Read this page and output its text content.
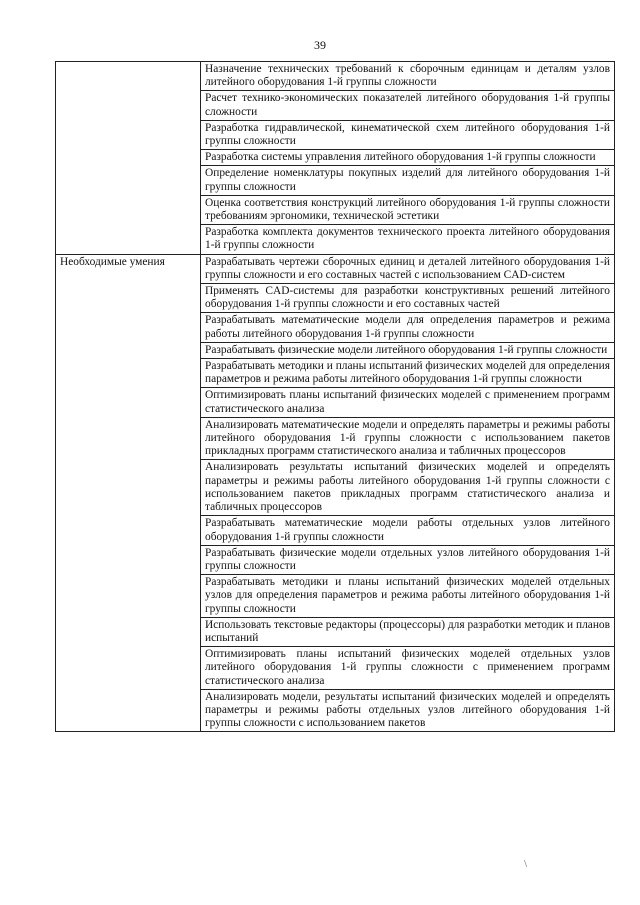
39
	Назначение технических требований к сборочным единицам и деталям узлов литейного оборудования 1-й группы сложности
	Расчет технико-экономических показателей литейного оборудования 1-й группы сложности
	Разработка гидравлической, кинематической схем литейного оборудования 1-й группы сложности
	Разработка системы управления литейного оборудования 1-й группы сложности
	Определение номенклатуры покупных изделий для литейного оборудования 1-й группы сложности
	Оценка соответствия конструкций литейного оборудования 1-й группы сложности требованиям эргономики, технической эстетики
	Разработка комплекта документов технического проекта литейного оборудования 1-й группы сложности
Необходимые умения	Разрабатывать чертежи сборочных единиц и деталей литейного оборудования 1-й группы сложности и его составных частей с использованием CAD-систем
	Применять CAD-системы для разработки конструктивных решений литейного оборудования 1-й группы сложности и его составных частей
	Разрабатывать математические модели для определения параметров и режима работы литейного оборудования 1-й группы сложности
	Разрабатывать физические модели литейного оборудования 1-й группы сложности
	Разрабатывать методики и планы испытаний физических моделей для определения параметров и режима работы литейного оборудования 1-й группы сложности
	Оптимизировать планы испытаний физических моделей с применением программ статистического анализа
	Анализировать математические модели и определять параметры и режимы работы литейного оборудования 1-й группы сложности с использованием пакетов прикладных программ статистического анализа и табличных процессоров
	Анализировать результаты испытаний физических моделей и определять параметры и режимы работы литейного оборудования 1-й группы сложности с использованием пакетов прикладных программ статистического анализа и табличных процессоров
	Разрабатывать математические модели работы отдельных узлов литейного оборудования 1-й группы сложности
	Разрабатывать физические модели отдельных узлов литейного оборудования 1-й группы сложности
	Разрабатывать методики и планы испытаний физических моделей отдельных узлов для определения параметров и режима работы литейного оборудования 1-й группы сложности
	Использовать текстовые редакторы (процессоры) для разработки методик и планов испытаний
	Оптимизировать планы испытаний физических моделей отдельных узлов литейного оборудования 1-й группы сложности с применением программ статистического анализа
	Анализировать модели, результаты испытаний физических моделей и определять параметры и режимы работы отдельных узлов литейного оборудования 1-й группы сложности с использованием пакетов
\
